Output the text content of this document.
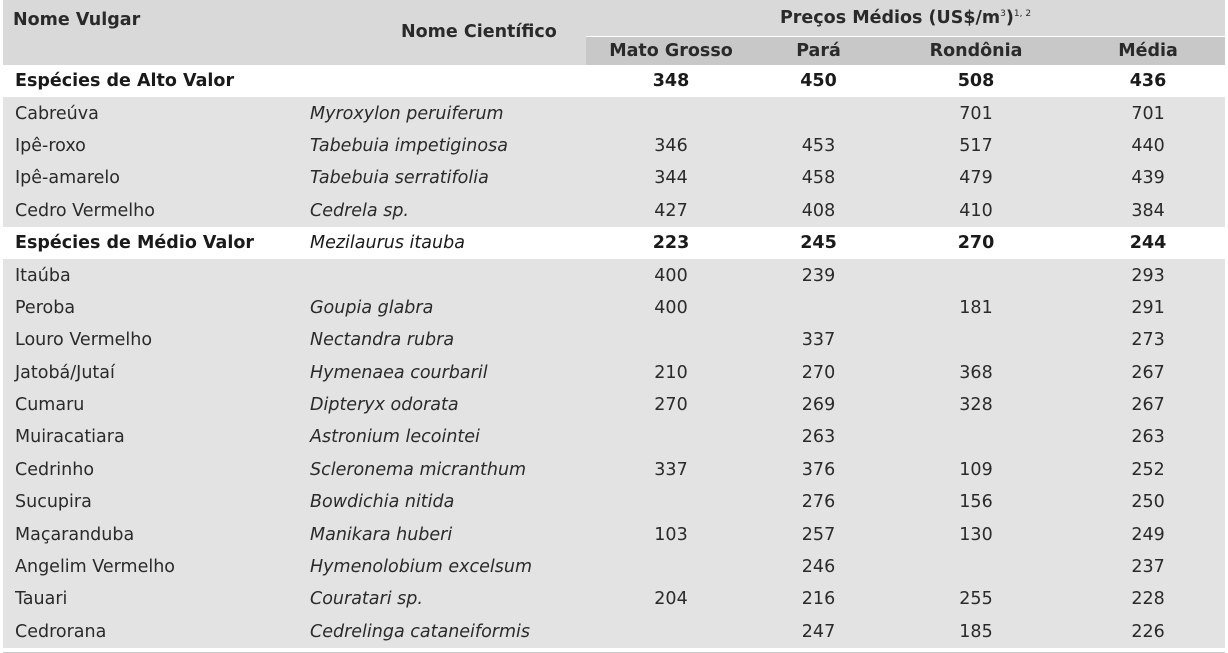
Nome Vulgar	Nome Científico	Preços Médios $(US\$/m^3)^{1, 2}$
		Mato Grosso	Pará	Rondônia	Média
Espécies de Alto Valor		348	450	508	436
Cabreúva	Myroxylon peruiferum			701	701
Ipê-roxo	Tabebuia impetiginosa	346	453	517	440
Ipê-amarelo	Tabebuia serratifolia	344	458	479	439
Cedro Vermelho	Cedrela sp.	427	408	410	384
Espécies de Médio Valor	Mezilaurus itauba	223	245	270	244
Itaúba		400	239		293
Peroba	Goupia glabra	400		181	291
Louro Vermelho	Nectandra rubra		337		273
Jatobá/Jutaí	Hymenaea courbaril	210	270	368	267
Cumaru	Dipteryx odorata	270	269	328	267
Muiracatiara	Astronium lecointei		263		263
Cedrinho	Scleronema micranthum	337	376	109	252
Sucupira	Bowdichia nitida		276	156	250
Maçaranduba	Manikara huberi	103	257	130	249
Angelim Vermelho	Hymenolobium excelsum		246		237
Tauari	Couratari sp.	204	216	255	228
Cedrorana	Cedrelinga cataneiformis		247	185	226
